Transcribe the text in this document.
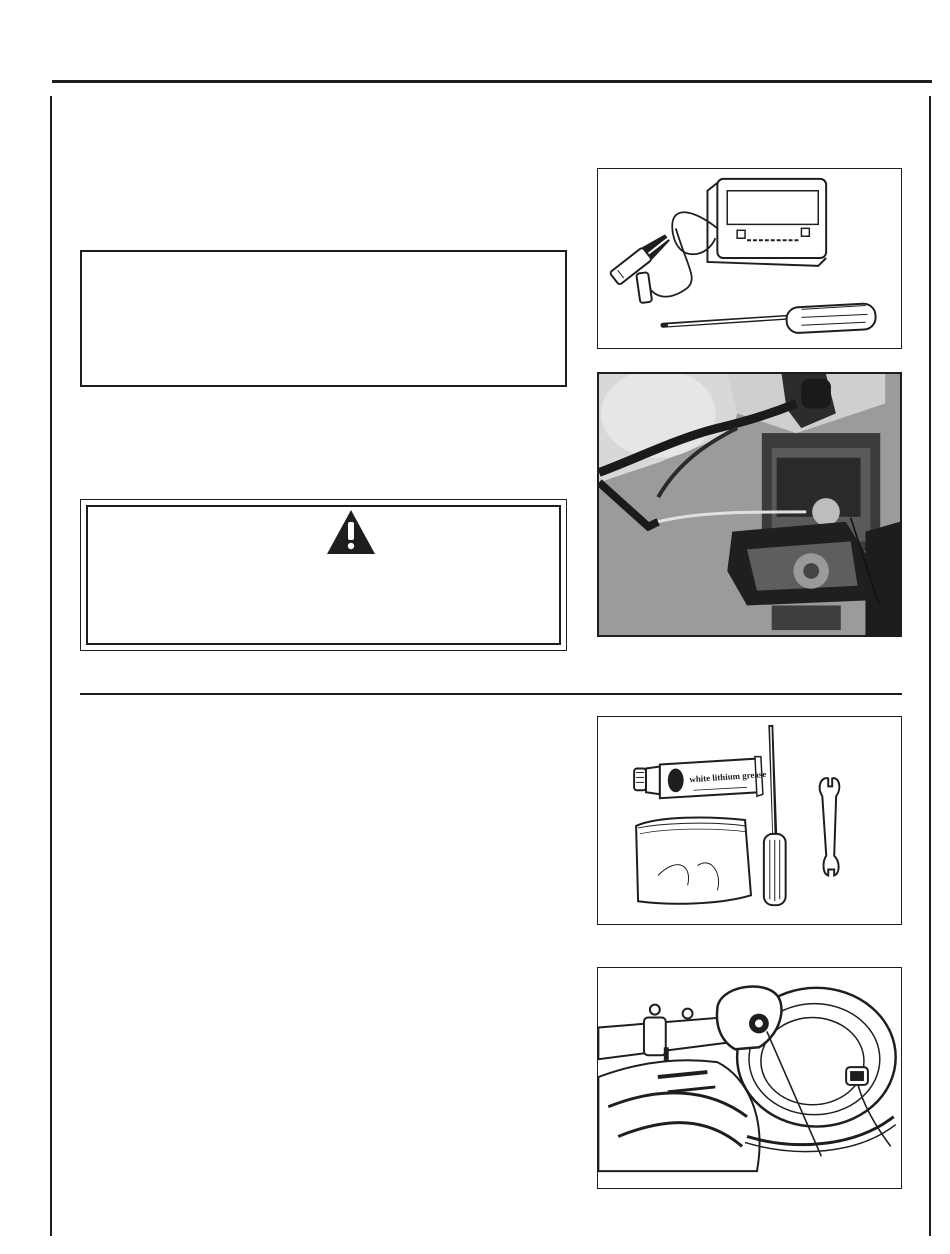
white lithium grease
